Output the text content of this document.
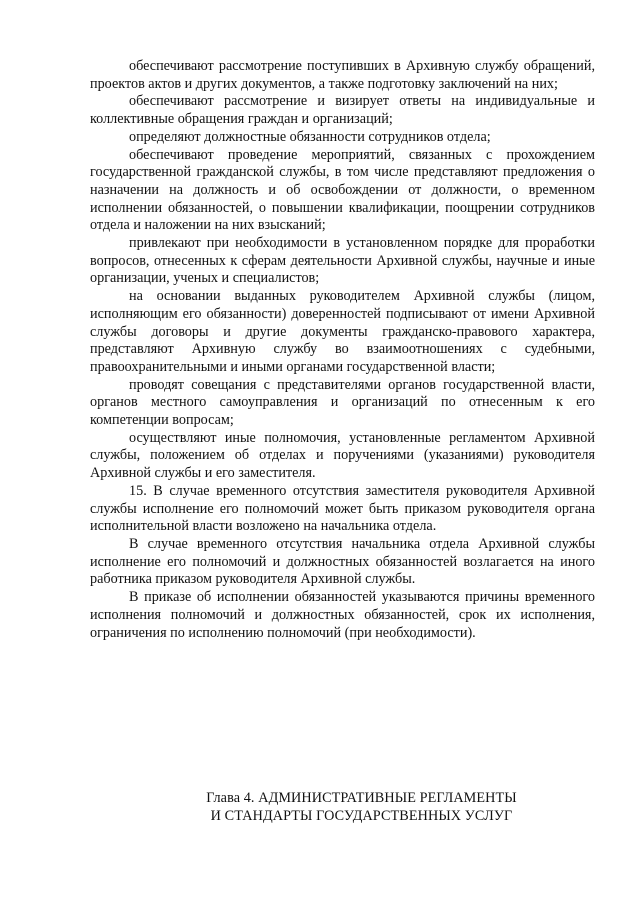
обеспечивают рассмотрение поступивших в Архивную службу обращений, проектов актов и других документов, а также подготовку заключений на них;

обеспечивают рассмотрение и визирует ответы на индивидуальные и коллективные обращения граждан и организаций;

определяют должностные обязанности сотрудников отдела;

обеспечивают проведение мероприятий, связанных с прохождением государственной гражданской службы, в том числе представляют предложения о назначении на должность и об освобождении от должности, о временном исполнении обязанностей, о повышении квалификации, поощрении сотрудников отдела и наложении на них взысканий;

привлекают при необходимости в установленном порядке для проработки вопросов, отнесенных к сферам деятельности Архивной службы, научные и иные организации, ученых и специалистов;

на основании выданных руководителем Архивной службы (лицом, исполняющим его обязанности) доверенностей подписывают от имени Архивной службы договоры и другие документы гражданско-правового характера, представляют Архивную службу во взаимоотношениях с судебными, правоохранительными и иными органами государственной власти;

проводят совещания с представителями органов государственной власти, органов местного самоуправления и организаций по отнесенным к его компетенции вопросам;

осуществляют иные полномочия, установленные регламентом Архивной службы, положением об отделах и поручениями (указаниями) руководителя Архивной службы и его заместителя.

15. В случае временного отсутствия заместителя руководителя Архивной службы исполнение его полномочий может быть приказом руководителя органа исполнительной власти возложено на начальника отдела.

В случае временного отсутствия начальника отдела Архивной службы исполнение его полномочий и должностных обязанностей возлагается на иного работника приказом руководителя Архивной службы.

В приказе об исполнении обязанностей указываются причины временного исполнения полномочий и должностных обязанностей, срок их исполнения, ограничения по исполнению полномочий (при необходимости).

Глава 4. АДМИНИСТРАТИВНЫЕ РЕГЛАМЕНТЫ
И СТАНДАРТЫ ГОСУДАРСТВЕННЫХ УСЛУГ
